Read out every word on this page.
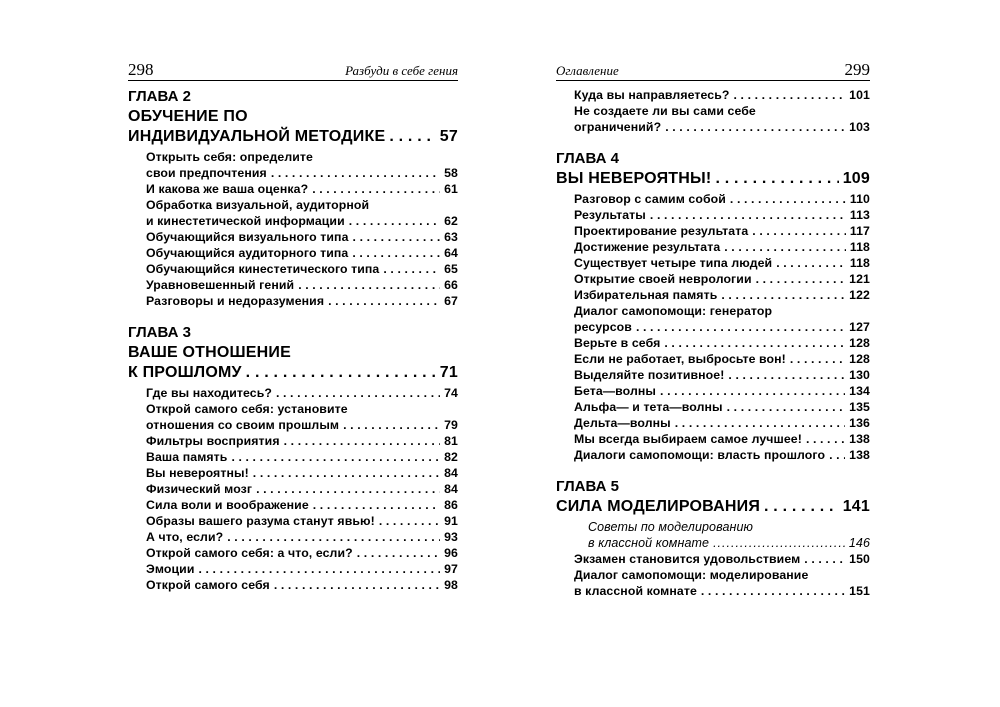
298	Разбуди в себе гения
ГЛАВА 2
ОБУЧЕНИЕ ПО
ИНДИВИДУАЛЬНОЙ МЕТОДИКЕ . . .	57
Открыть себя: определите
свои предпочтения . . .	58
И какова же ваша оценка? . . .	61
Обработка визуальной, аудиторной
и кинестетической информации . . .	62
Обучающийся визуального типа . . .	63
Обучающийся аудиторного типа . . .	64
Обучающийся кинестетического типа . . .	65
Уравновешенный гений . . .	66
Разговоры и недоразумения . . .	67
ГЛАВА 3
ВАШЕ ОТНОШЕНИЕ
К ПРОШЛОМУ . . .	71
Где вы находитесь? . . .	74
Открой самого себя: установите
отношения со своим прошлым . . .	79
Фильтры восприятия . . .	81
Ваша память . . .	82
Вы невероятны! . . .	84
Физический мозг . . .	84
Сила воли и воображение . . .	86
Образы вашего разума станут явью! . . .	91
А что, если? . . .	93
Открой самого себя: а что, если? . . .	96
Эмоции . . .	97
Открой самого себя . . .	98
Оглавление	299
Куда вы направляетесь? . . .	101
Не создаете ли вы сами себе
ограничений? . . .	103
ГЛАВА 4
ВЫ НЕВЕРОЯТНЫ! . . .	109
Разговор с самим собой . . .	110
Результаты . . .	113
Проектирование результата . . .	117
Достижение результата . . .	118
Существует четыре типа людей . . .	118
Открытие своей неврологии . . .	121
Избирательная память . . .	122
Диалог самопомощи: генератор
ресурсов . . .	127
Верьте в себя . . .	128
Если не работает, выбросьте вон! . . .	128
Выделяйте позитивное! . . .	130
Бета—волны . . .	134
Альфа— и тета—волны . . .	135
Дельта—волны . . .	136
Мы всегда выбираем самое лучшее! . . .	138
Диалоги самопомощи: власть прошлого . . . 138
ГЛАВА 5
СИЛА МОДЕЛИРОВАНИЯ . . .	141
Советы по моделированию
в классной комнате .....	146
Экзамен становится удовольствием . . .	150
Диалог самопомощи: моделирование
в классной комнате . . .	151
